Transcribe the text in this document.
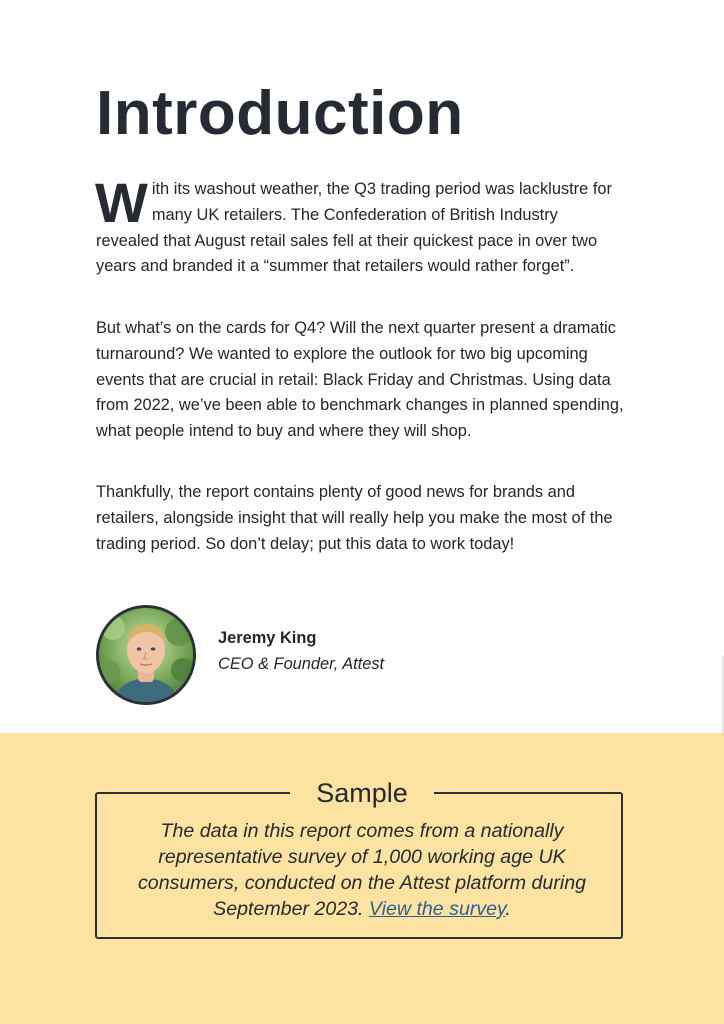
Introduction

With its washout weather, the Q3 trading period was lacklustre for many UK retailers. The Confederation of British Industry revealed that August retail sales fell at their quickest pace in over two years and branded it a “summer that retailers would rather forget”.

But what’s on the cards for Q4? Will the next quarter present a dramatic turnaround? We wanted to explore the outlook for two big upcoming events that are crucial in retail: Black Friday and Christmas. Using data from 2022, we’ve been able to benchmark changes in planned spending, what people intend to buy and where they will shop.

Thankfully, the report contains plenty of good news for brands and retailers, alongside insight that will really help you make the most of the trading period. So don’t delay; put this data to work today!

Jeremy King
CEO & Founder, Attest
Sample

The data in this report comes from a nationally representative survey of 1,000 working age UK consumers, conducted on the Attest platform during September 2023. View the survey.
